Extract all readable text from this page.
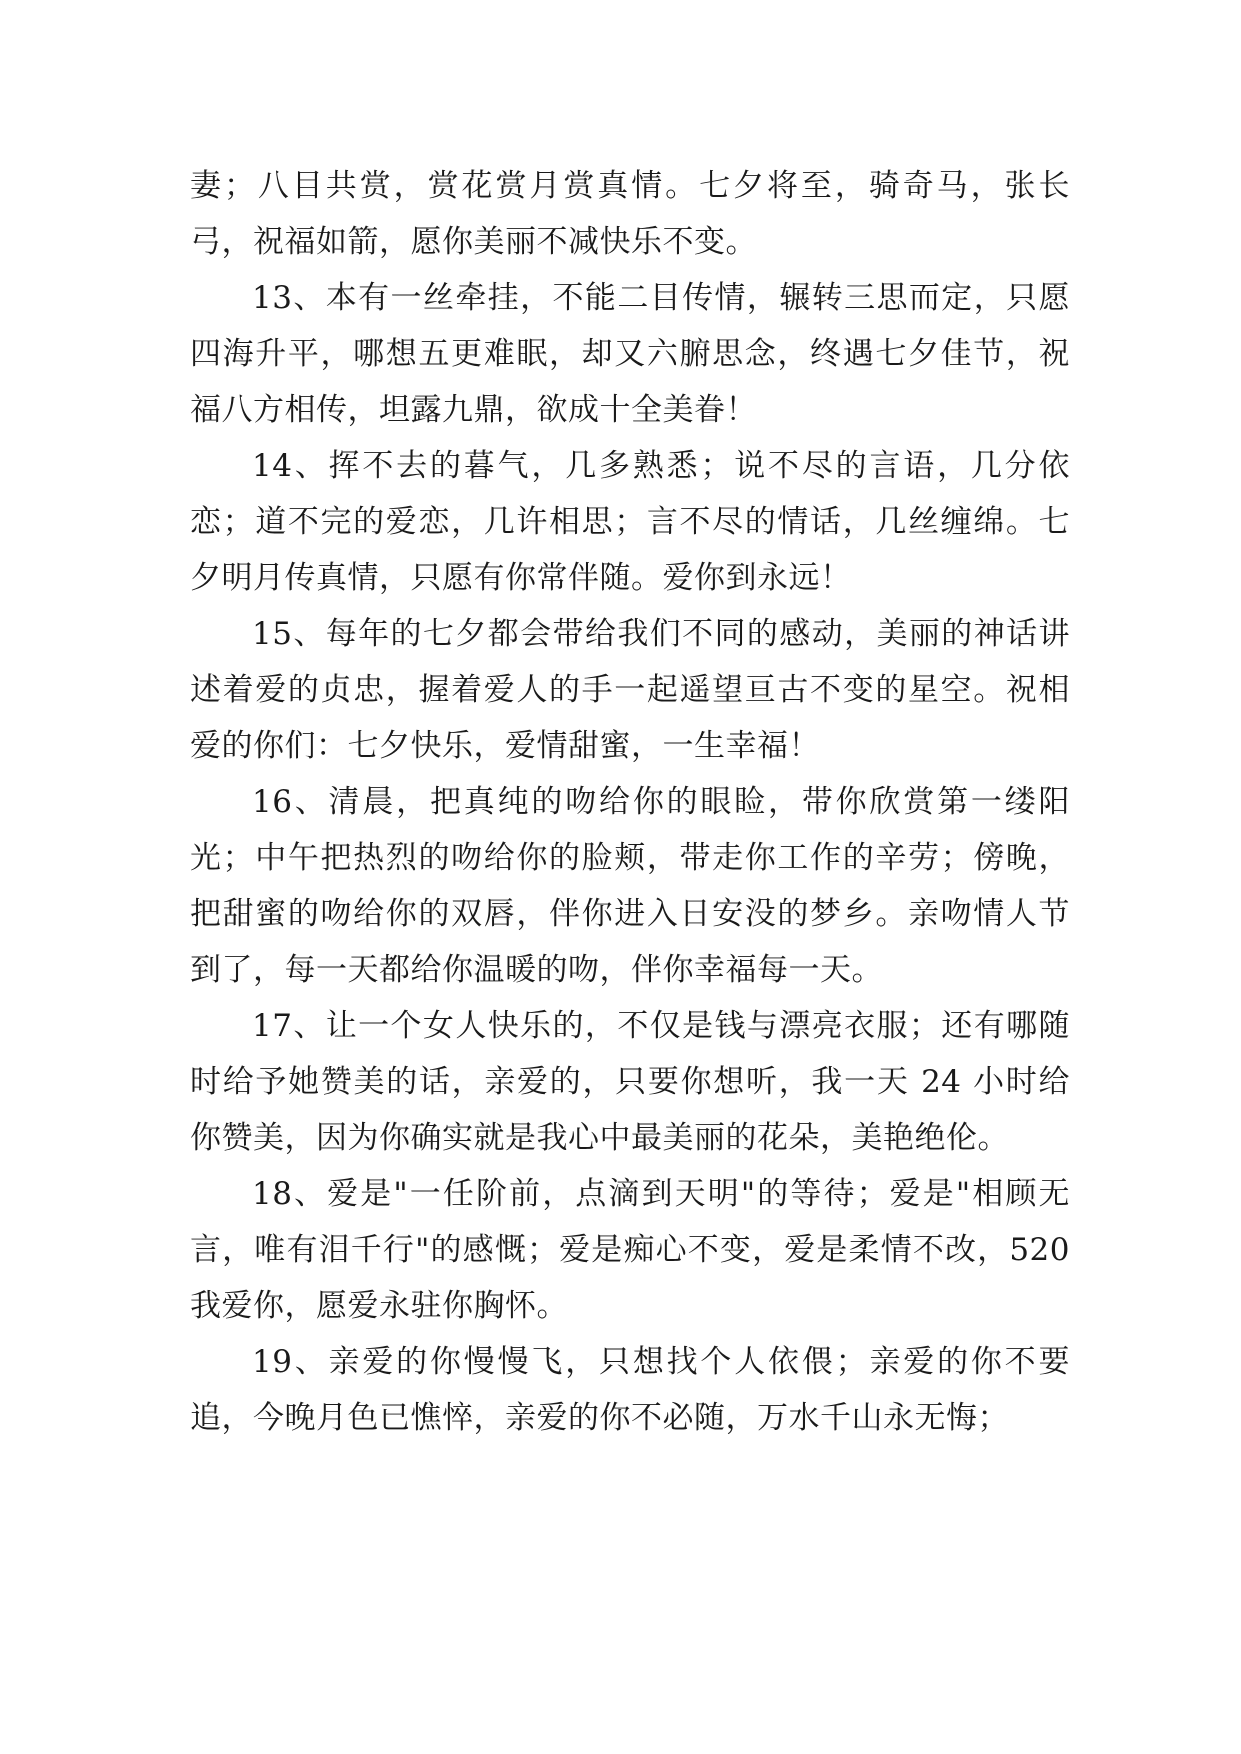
妻；八目共赏，赏花赏月赏真情。七夕将至，骑奇马，张长弓，祝福如箭，愿你美丽不减快乐不变。

13、本有一丝牵挂，不能二目传情，辗转三思而定，只愿四海升平，哪想五更难眠，却又六腑思念，终遇七夕佳节，祝福八方相传，坦露九鼎，欲成十全美眷！

14、挥不去的暮气，几多熟悉；说不尽的言语，几分依恋；道不完的爱恋，几许相思；言不尽的情话，几丝缠绵。七夕明月传真情，只愿有你常伴随。爱你到永远！

15、每年的七夕都会带给我们不同的感动，美丽的神话讲述着爱的贞忠，握着爱人的手一起遥望亘古不变的星空。祝相爱的你们：七夕快乐，爱情甜蜜，一生幸福！

16、清晨，把真纯的吻给你的眼睑，带你欣赏第一缕阳光；中午把热烈的吻给你的脸颊，带走你工作的辛劳；傍晚，把甜蜜的吻给你的双唇，伴你进入日安没的梦乡。亲吻情人节到了，每一天都给你温暖的吻，伴你幸福每一天。

17、让一个女人快乐的，不仅是钱与漂亮衣服；还有哪随时给予她赞美的话，亲爱的，只要你想听，我一天 24 小时给你赞美，因为你确实就是我心中最美丽的花朵，美艳绝伦。

18、爱是"一任阶前，点滴到天明"的等待；爱是"相顾无言，唯有泪千行"的感慨；爱是痴心不变，爱是柔情不改，520 我爱你，愿爱永驻你胸怀。

19、亲爱的你慢慢飞，只想找个人依偎；亲爱的你不要追，今晚月色已憔悴，亲爱的你不必随，万水千山永无悔；
